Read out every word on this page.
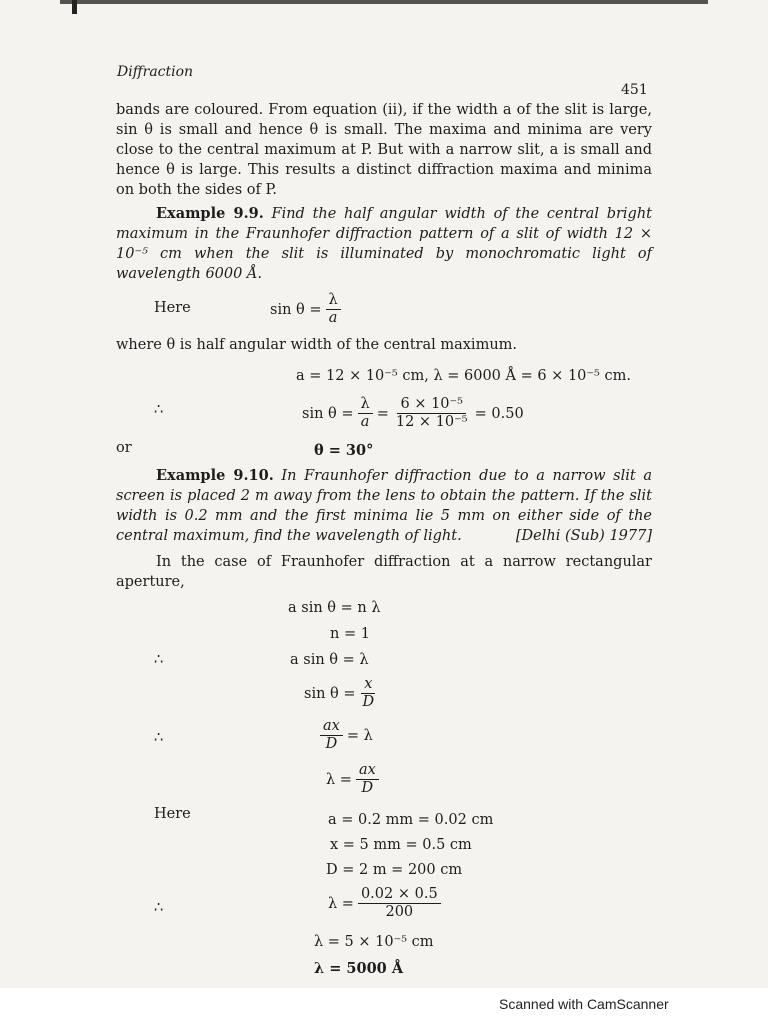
Diffraction
451
bands are coloured. From equation (ii), if the width a of the slit is large, sin θ is small and hence θ is small. The maxima and minima are very close to the central maximum at P. But with a narrow slit, a is small and hence θ is large. This results a distinct diffraction maxima and minima on both the sides of P.
Example 9.9. Find the half angular width of the central bright maximum in the Fraunhofer diffraction pattern of a slit of width 12 × 10⁻⁵ cm when the slit is illuminated by monochromatic light of wavelength 6000 Å.
Here	$\sin \theta = \frac{\lambda}{a}$
where θ is half angular width of the central maximum.
a = 12 × 10⁻⁵ cm, λ = 6000 Å = 6 × 10⁻⁵ cm.
∴	$\sin \theta = \frac{\lambda}{a} = \frac{\text{6 × 10⁻⁵}}{\text{12 × 10⁻⁵}} = 0.50$
or	θ = 30°
Example 9.10. In Fraunhofer diffraction due to a narrow slit a screen is placed 2 m away from the lens to obtain the pattern. If the slit width is 0.2 mm and the first minima lie 5 mm on either side of the central maximum, find the wavelength of light.	[Delhi (Sub) 1977]
In the case of Fraunhofer diffraction at a narrow rectangular aperture,
a sin θ = n λ
n = 1
∴	a sin θ = λ
$\sin \theta = \frac{x}{D}$
∴	$\frac{ax}{D} = \lambda$
$\lambda = \frac{ax}{D}$
Here	a = 0.2 mm = 0.02 cm
x = 5 mm = 0.5 cm
D = 2 m = 200 cm
∴	$\lambda = \frac{0.02 \times 0.5}{200}$
λ = 5 × 10⁻⁵ cm
λ = 5000 Å
Scanned with CamScanner
